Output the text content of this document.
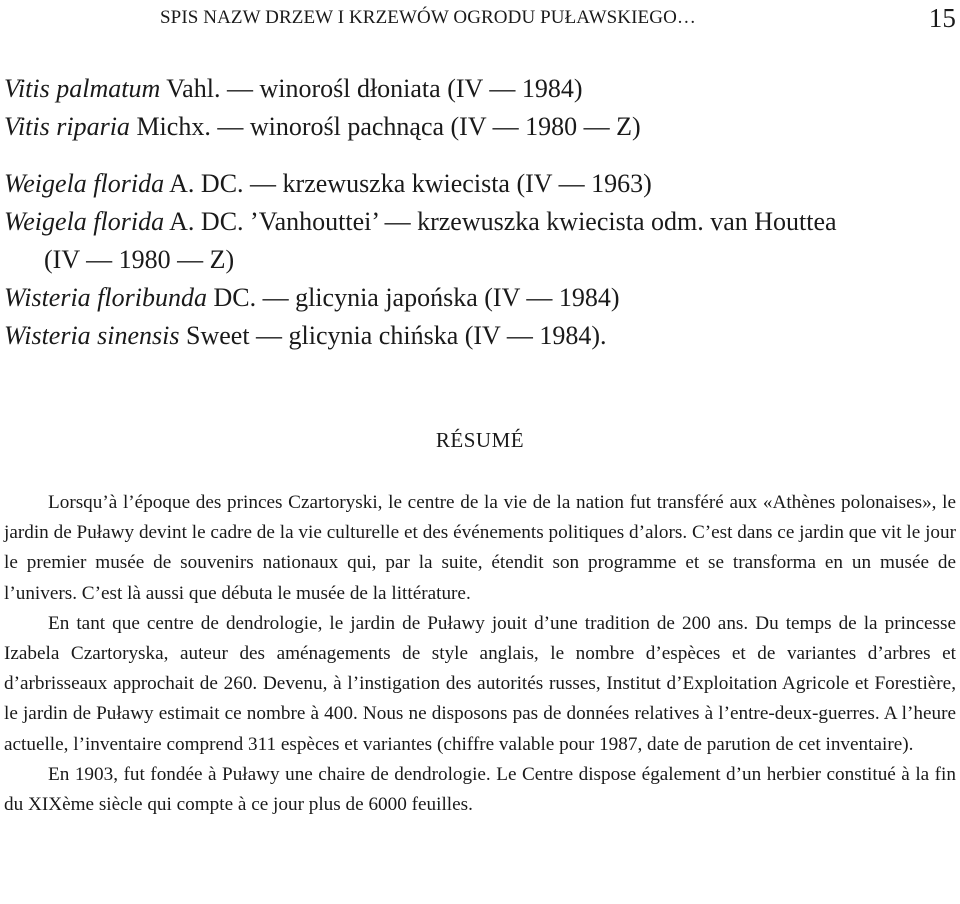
SPIS NAZW DRZEW I KRZEWÓW OGRODU PUŁAWSKIEGO…	15
Vitis palmatum Vahl. — winorośl dłoniata (IV — 1984)
Vitis riparia Michx. — winorośl pachnąca (IV — 1980 — Z)
Weigela florida A. DC. — krzewuszka kwiecista (IV — 1963)
Weigela florida A. DC. ’Vanhouttei’ — krzewuszka kwiecista odm. van Houttea
(IV — 1980 — Z)
Wisteria floribunda DC. — glicynia japońska (IV — 1984)
Wisteria sinensis Sweet — glicynia chińska (IV — 1984).
RÉSUMÉ

Lorsqu’à l’époque des princes Czartoryski, le centre de la vie de la nation fut transféré aux «Athènes polonaises», le jardin de Puławy devint le cadre de la vie culturelle et des événements politiques d’alors. C’est dans ce jardin que vit le jour le premier musée de souvenirs nationaux qui, par la suite, étendit son programme et se transforma en un musée de l’univers. C’est là aussi que débuta le musée de la littérature.

En tant que centre de dendrologie, le jardin de Puławy jouit d’une tradition de 200 ans. Du temps de la princesse Izabela Czartoryska, auteur des aménagements de style anglais, le nombre d’espèces et de variantes d’arbres et d’arbrisseaux approchait de 260. Devenu, à l’instigation des autorités russes, Institut d’Exploitation Agricole et Forestière, le jardin de Puławy estimait ce nombre à 400. Nous ne disposons pas de données relatives à l’entre-deux-guerres. A l’heure actuelle, l’inventaire comprend 311 espèces et variantes (chiffre valable pour 1987, date de parution de cet inventaire).

En 1903, fut fondée à Puławy une chaire de dendrologie. Le Centre dispose également d’un herbier constitué à la fin du XIXème siècle qui compte à ce jour plus de 6000 feuilles.
